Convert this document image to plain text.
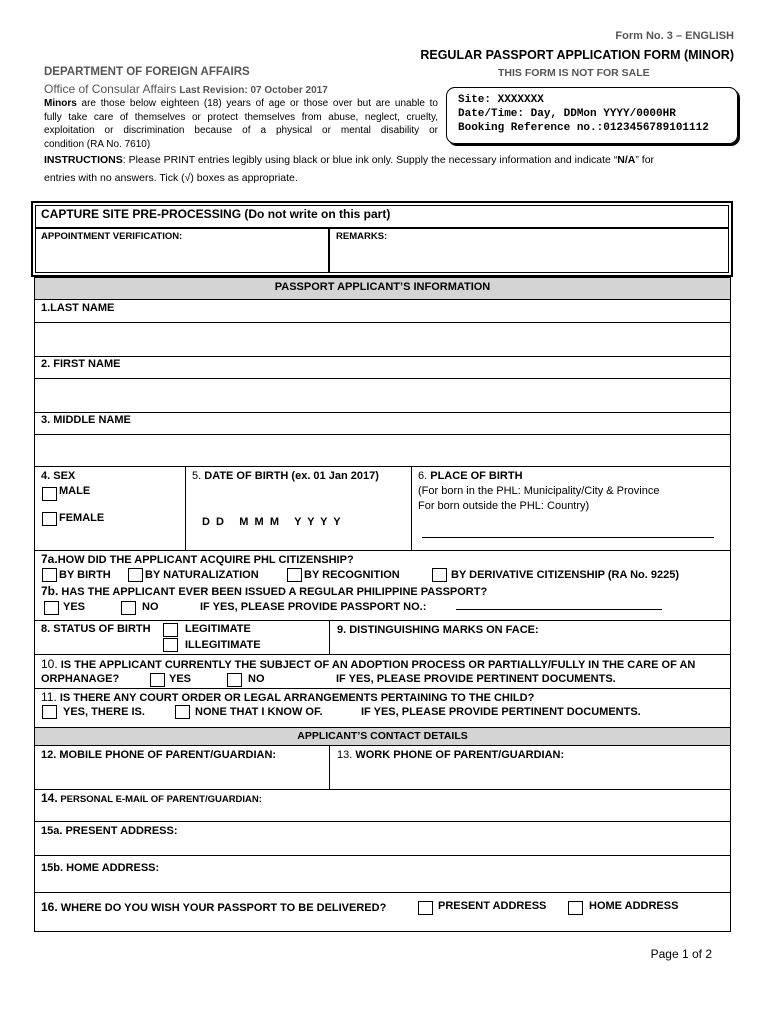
Form No. 3 – ENGLISH
REGULAR PASSPORT APPLICATION FORM (MINOR)
THIS FORM IS NOT FOR SALE
DEPARTMENT OF FOREIGN AFFAIRS
Office of Consular Affairs Last Revision: 07 October 2017
Minors are those below eighteen (18) years of age or those over but are unable to
fully take care of themselves or protect themselves from abuse, neglect, cruelty,
exploitation or discrimination because of a physical or mental disability or
condition (RA No. 7610)
Site: XXXXXXX
Date/Time: Day, DDMon YYYY/0000HR
Booking Reference no.:0123456789101112
INSTRUCTIONS: Please PRINT entries legibly using black or blue ink only. Supply the necessary information and indicate “N/A” for
entries with no answers. Tick (√) boxes as appropriate.
CAPTURE SITE PRE-PROCESSING (Do not write on this part)
APPOINTMENT VERIFICATION:	REMARKS:
PASSPORT APPLICANT’S INFORMATION
1.LAST NAME
2. FIRST NAME
3. MIDDLE NAME
4. SEX
MALE
FEMALE
5. DATE OF BIRTH (ex. 01 Jan 2017)
D  D     M  M  M     Y  Y  Y  Y
6. PLACE OF BIRTH
(For born in the PHL: Municipality/City & Province
For born outside the PHL: Country)
7a.HOW DID THE APPLICANT ACQUIRE PHL CITIZENSHIP?
BY BIRTH	BY NATURALIZATION	BY RECOGNITION	BY DERIVATIVE CITIZENSHIP (RA No. 9225)
7b. HAS THE APPLICANT EVER BEEN ISSUED A REGULAR PHILIPPINE PASSPORT?
YES	NO	IF YES, PLEASE PROVIDE PASSPORT NO.:
8. STATUS OF BIRTH	LEGITIMATE
ILLEGITIMATE
9. DISTINGUISHING MARKS ON FACE:
10. IS THE APPLICANT CURRENTLY THE SUBJECT OF AN ADOPTION PROCESS OR PARTIALLY/FULLY IN THE CARE OF AN
ORPHANAGE?	YES	NO	IF YES, PLEASE PROVIDE PERTINENT DOCUMENTS.
11. IS THERE ANY COURT ORDER OR LEGAL ARRANGEMENTS PERTAINING TO THE CHILD?
YES, THERE IS.	NONE THAT I KNOW OF.	IF YES, PLEASE PROVIDE PERTINENT DOCUMENTS.
APPLICANT’S CONTACT DETAILS
12. MOBILE PHONE OF PARENT/GUARDIAN:	13. WORK PHONE OF PARENT/GUARDIAN:
14. PERSONAL E-MAIL OF PARENT/GUARDIAN:
15a. PRESENT ADDRESS:
15b. HOME ADDRESS:
16. WHERE DO YOU WISH YOUR PASSPORT TO BE DELIVERED?	PRESENT ADDRESS	HOME ADDRESS
Page 1 of 2
